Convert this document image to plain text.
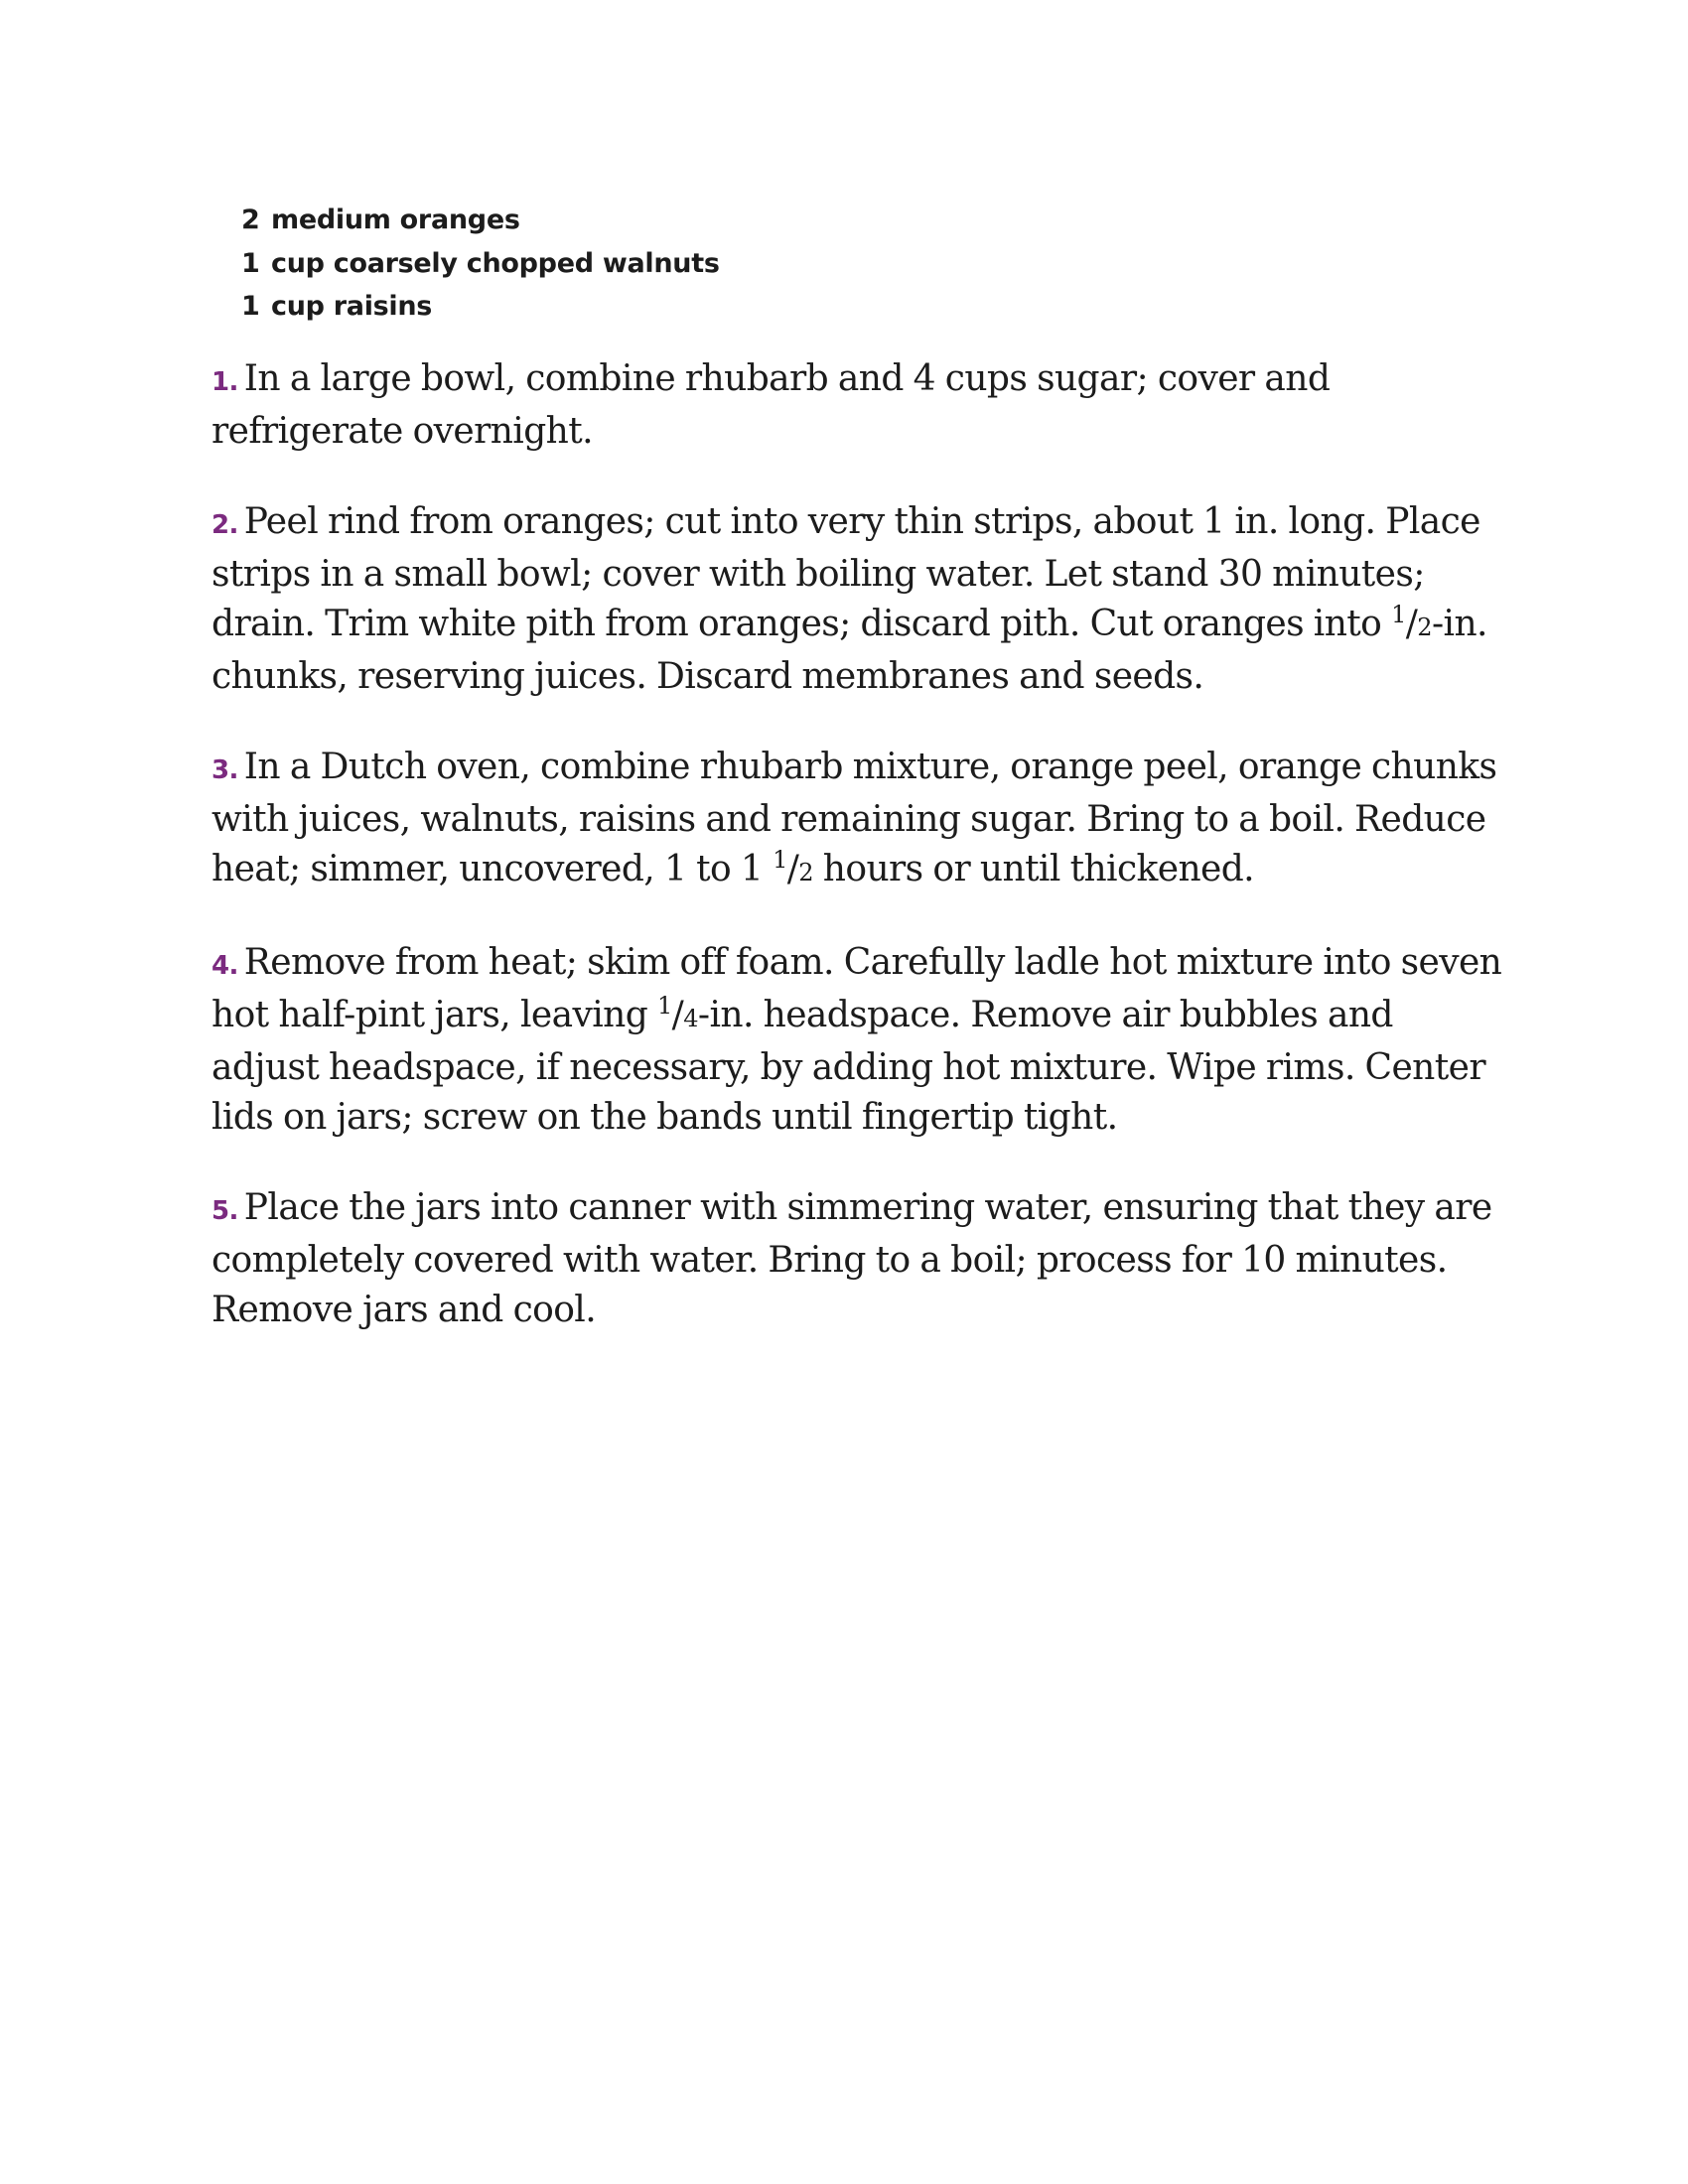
2 medium oranges
1 cup coarsely chopped walnuts
1 cup raisins

1. In a large bowl, combine rhubarb and 4 cups sugar; cover and refrigerate overnight.

2. Peel rind from oranges; cut into very thin strips, about 1 in. long. Place strips in a small bowl; cover with boiling water. Let stand 30 minutes; drain. Trim white pith from oranges; discard pith. Cut oranges into $^1$/2-in. chunks, reserving juices. Discard membranes and seeds.

3. In a Dutch oven, combine rhubarb mixture, orange peel, orange chunks with juices, walnuts, raisins and remaining sugar. Bring to a boil. Reduce heat; simmer, uncovered, 1 to 1 $^1$/2 hours or until thickened.

4. Remove from heat; skim off foam. Carefully ladle hot mixture into seven hot half-pint jars, leaving $^1$/4-in. headspace. Remove air bubbles and adjust headspace, if necessary, by adding hot mixture. Wipe rims. Center lids on jars; screw on the bands until fingertip tight.

5. Place the jars into canner with simmering water, ensuring that they are completely covered with water. Bring to a boil; process for 10 minutes. Remove jars and cool.
